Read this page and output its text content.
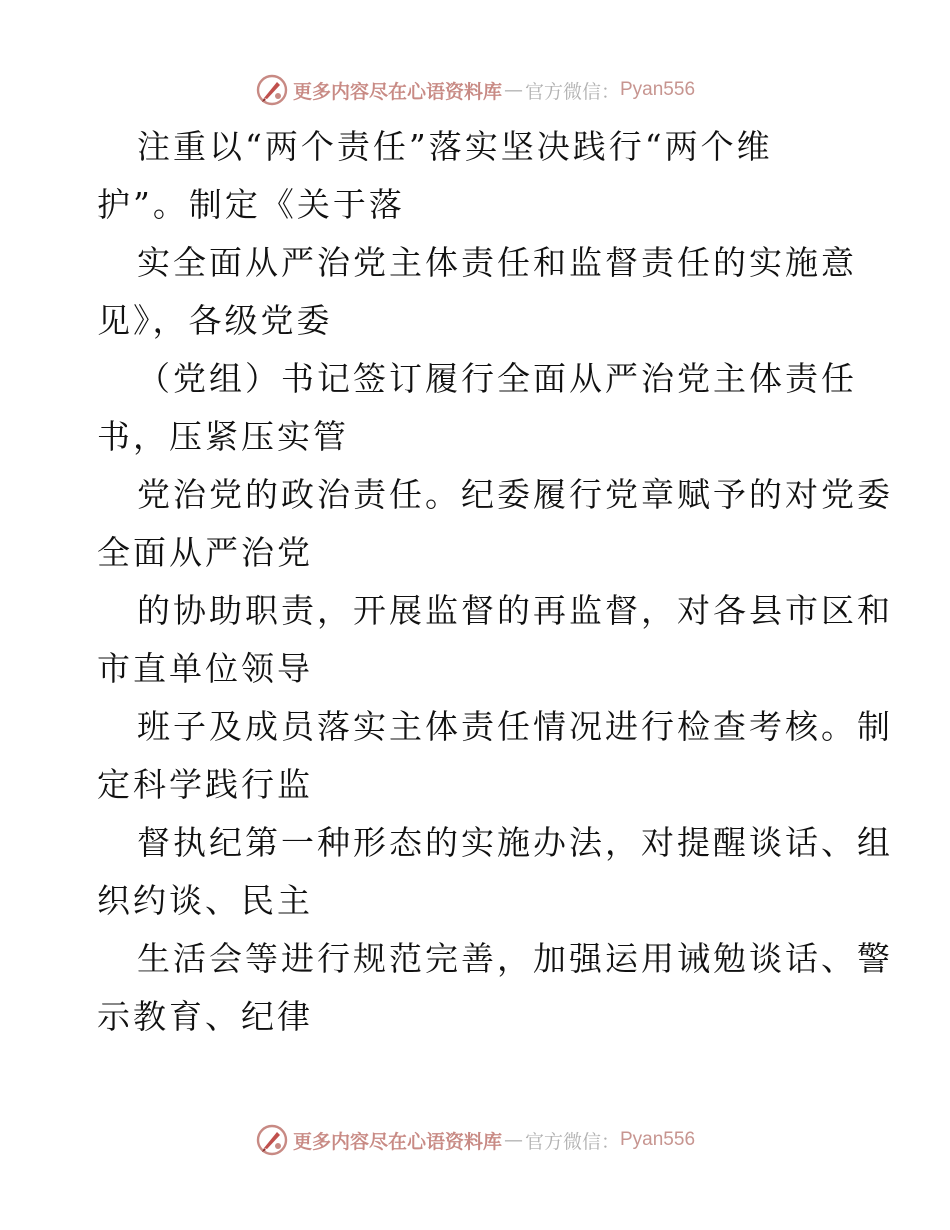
更多内容尽在心语资料库 — 官方微信： Pyan556
注重以“两个责任”落实坚决践行“两个维
护”。制定《关于落
实全面从严治党主体责任和监督责任的实施意
见》，各级党委
（党组）书记签订履行全面从严治党主体责任
书，压紧压实管
党治党的政治责任。纪委履行党章赋予的对党委
全面从严治党
的协助职责，开展监督的再监督，对各县市区和
市直单位领导
班子及成员落实主体责任情况进行检查考核。制
定科学践行监
督执纪第一种形态的实施办法，对提醒谈话、组
织约谈、民主
生活会等进行规范完善，加强运用诫勉谈话、警
示教育、纪律
更多内容尽在心语资料库 — 官方微信： Pyan556
